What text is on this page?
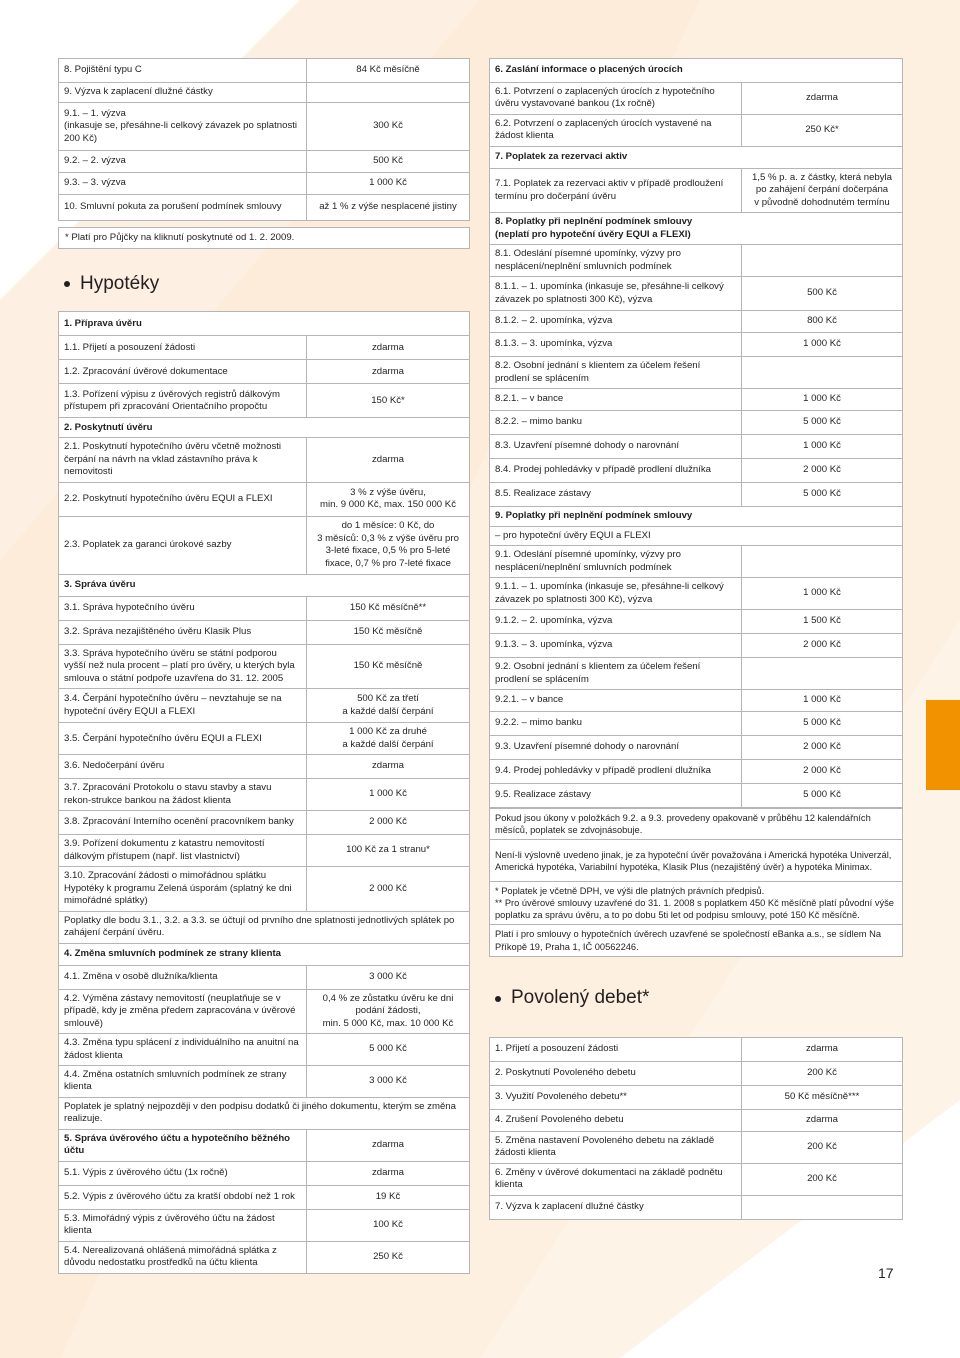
8. Pojištění typu C	84 Kč měsíčně
9. Výzva k zaplacení dlužné částky	
9.1. – 1. výzva
(inkasuje se, přesáhne-li celkový závazek po splatnosti 200 Kč)	300 Kč
9.2. – 2. výzva	500 Kč
9.3. – 3. výzva	1 000 Kč
10. Smluvní pokuta za porušení podmínek smlouvy	až 1 % z výše nesplacené jistiny
* Platí pro Půjčky na kliknutí poskytnuté od 1. 2. 2009.
Hypotéky
1. Příprava úvěru	
1.1. Přijetí a posouzení žádosti	zdarma
1.2. Zpracování úvěrové dokumentace	zdarma
1.3. Pořízení výpisu z úvěrových registrů dálkovým přístupem při zpracování Orientačního propočtu	150 Kč*
2. Poskytnutí úvěru	
2.1. Poskytnutí hypotečního úvěru včetně možnosti čerpání na návrh na vklad zástavního práva k nemovitosti	zdarma
2.2. Poskytnutí hypotečního úvěru EQUI a FLEXI	3 % z výše úvěru,
min. 9 000 Kč, max. 150 000 Kč
2.3. Poplatek za garanci úrokové sazby	do 1 měsíce: 0 Kč, do
3 měsíců: 0,3 % z výše úvěru pro
3-leté fixace, 0,5 % pro 5-leté
fixace, 0,7 % pro 7-leté fixace
3. Správa úvěru	
3.1. Správa hypotečního úvěru	150 Kč měsíčně**
3.2. Správa nezajištěného úvěru Klasik Plus	150 Kč měsíčně
3.3. Správa hypotečního úvěru se státní podporou vyšší než nula procent – platí pro úvěry, u kterých byla smlouva o státní podpoře uzavřena do 31. 12. 2005	150 Kč měsíčně
3.4. Čerpání hypotečního úvěru – nevztahuje se na hypoteční úvěry EQUI a FLEXI	500 Kč za třetí
a každé další čerpání
3.5. Čerpání hypotečního úvěru EQUI a FLEXI	1 000 Kč za druhé
a každé další čerpání
3.6. Nedočerpání úvěru	zdarma
3.7. Zpracování Protokolu o stavu stavby a stavu rekon-strukce bankou na žádost klienta	1 000 Kč
3.8. Zpracování Interního ocenění pracovníkem banky	2 000 Kč
3.9. Pořízení dokumentu z katastru nemovitostí dálkovým přístupem (např. list vlastnictví)	100 Kč za 1 stranu*
3.10. Zpracování žádosti o mimořádnou splátku Hypotéky k programu Zelená úsporám (splatný ke dni mimořádné splátky)	2 000 Kč
Poplatky dle bodu 3.1., 3.2. a 3.3. se účtují od prvního dne splatnosti jednotlivých splátek po zahájení čerpání úvěru.	
4. Změna smluvních podmínek ze strany klienta	
4.1. Změna v osobě dlužníka/klienta	3 000 Kč
4.2. Výměna zástavy nemovitostí (neuplatňuje se v případě, kdy je změna předem zapracována v úvěrové smlouvě)	0,4 % ze zůstatku úvěru ke dni
podání žádosti,
min. 5 000 Kč, max. 10 000 Kč
4.3. Změna typu splácení z individuálního na anuitní na žádost klienta	5 000 Kč
4.4. Změna ostatních smluvních podmínek ze strany klienta	3 000 Kč
Poplatek je splatný nejpozději v den podpisu dodatků či jiného dokumentu, kterým se změna realizuje.	
5. Správa úvěrového účtu a hypotečního běžného účtu	zdarma
5.1. Výpis z úvěrového účtu (1x ročně)	zdarma
5.2. Výpis z úvěrového účtu za kratší období než 1 rok	19 Kč
5.3. Mimořádný výpis z úvěrového účtu na žádost klienta	100 Kč
5.4. Nerealizovaná ohlášená mimořádná splátka z důvodu nedostatku prostředků na účtu klienta	250 Kč
6. Zaslání informace o placených úrocích	
6.1. Potvrzení o zaplacených úrocích z hypotečního úvěru vystavované bankou (1x ročně)	zdarma
6.2. Potvrzení o zaplacených úrocích vystavené na žádost klienta	250 Kč*
7. Poplatek za rezervaci aktiv	
7.1. Poplatek za rezervaci aktiv v případě prodloužení termínu pro dočerpání úvěru	1,5 % p. a. z částky, která nebyla
po zahájení čerpání dočerpána
v původně dohodnutém termínu
8. Poplatky při neplnění podmínek smlouvy
(neplatí pro hypoteční úvěry EQUI a FLEXI)	
8.1. Odeslání písemné upomínky, výzvy pro nesplácení/neplnění smluvních podmínek	
8.1.1. – 1. upomínka (inkasuje se, přesáhne-li celkový závazek po splatnosti 300 Kč), výzva	500 Kč
8.1.2. – 2. upomínka, výzva	800 Kč
8.1.3. – 3. upomínka, výzva	1 000 Kč
8.2. Osobní jednání s klientem za účelem řešení prodlení se splácením	
8.2.1. – v bance	1 000 Kč
8.2.2. – mimo banku	5 000 Kč
8.3. Uzavření písemné dohody o narovnání	1 000 Kč
8.4. Prodej pohledávky v případě prodlení dlužníka	2 000 Kč
8.5. Realizace zástavy	5 000 Kč
9. Poplatky při neplnění podmínek smlouvy	
– pro hypoteční úvěry EQUI a FLEXI	
9.1. Odeslání písemné upomínky, výzvy pro nesplácení/neplnění smluvních podmínek	
9.1.1. – 1. upomínka (inkasuje se, přesáhne-li celkový závazek po splatnosti 300 Kč), výzva	1 000 Kč
9.1.2. – 2. upomínka, výzva	1 500 Kč
9.1.3. – 3. upomínka, výzva	2 000 Kč
9.2. Osobní jednání s klientem za účelem řešení prodlení se splácením	
9.2.1. – v bance	1 000 Kč
9.2.2. – mimo banku	5 000 Kč
9.3. Uzavření písemné dohody o narovnání	2 000 Kč
9.4. Prodej pohledávky v případě prodlení dlužníka	2 000 Kč
9.5. Realizace zástavy	5 000 Kč
Pokud jsou úkony v položkách 9.2. a 9.3. provedeny opakovaně v průběhu 12 kalendářních měsíců, poplatek se zdvojnásobuje.
Není-li výslovně uvedeno jinak, je za hypoteční úvěr považována i Americká hypotéka Univerzál, Americká hypotéka, Variabilní hypotéka, Klasik Plus (nezajištěný úvěr) a hypotéka Minimax.
* Poplatek je včetně DPH, ve výši dle platných právních předpisů.
** Pro úvěrové smlouvy uzavřené do 31. 1. 2008 s poplatkem 450 Kč měsíčně platí původní výše poplatku za správu úvěru, a to po dobu 5ti let od podpisu smlouvy, poté 150 Kč měsíčně.
Platí i pro smlouvy o hypotečních úvěrech uzavřené se společností eBanka a.s., se sídlem Na Příkopě 19, Praha 1, IČ 00562246.
Povolený debet*
1. Přijetí a posouzení žádosti	zdarma
2. Poskytnutí Povoleného debetu	200 Kč
3. Využití Povoleného debetu**	50 Kč měsíčně***
4. Zrušení Povoleného debetu	zdarma
5. Změna nastavení Povoleného debetu na základě žádosti klienta	200 Kč
6. Změny v úvěrové dokumentaci na základě podnětu klienta	200 Kč
7. Výzva k zaplacení dlužné částky	
17
